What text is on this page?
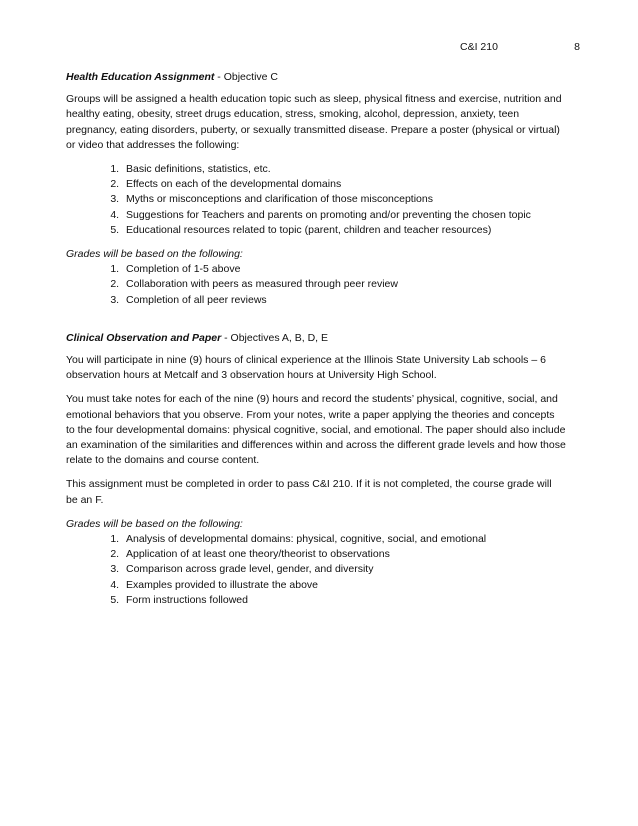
C&I 210	8
Health Education Assignment - Objective C

Groups will be assigned a health education topic such as sleep, physical fitness and exercise, nutrition and healthy eating, obesity, street drugs education, stress, smoking, alcohol, depression, anxiety, teen pregnancy, eating disorders, puberty, or sexually transmitted disease. Prepare a poster (physical or virtual) or video that addresses the following:

1. Basic definitions, statistics, etc.
2. Effects on each of the developmental domains
3. Myths or misconceptions and clarification of those misconceptions
4. Suggestions for Teachers and parents on promoting and/or preventing the chosen topic
5. Educational resources related to topic (parent, children and teacher resources)
Grades will be based on the following:
1. Completion of 1-5 above
2. Collaboration with peers as measured through peer review
3. Completion of all peer reviews
Clinical Observation and Paper - Objectives A, B, D, E

You will participate in nine (9) hours of clinical experience at the Illinois State University Lab schools – 6 observation hours at Metcalf and 3 observation hours at University High School.

You must take notes for each of the nine (9) hours and record the students’ physical, cognitive, social, and emotional behaviors that you observe. From your notes, write a paper applying the theories and concepts to the four developmental domains: physical cognitive, social, and emotional. The paper should also include an examination of the similarities and differences within and across the different grade levels and how those relate to the domains and course content.

This assignment must be completed in order to pass C&I 210. If it is not completed, the course grade will be an F.

Grades will be based on the following:
1. Analysis of developmental domains: physical, cognitive, social, and emotional
2. Application of at least one theory/theorist to observations
3. Comparison across grade level, gender, and diversity
4. Examples provided to illustrate the above
5. Form instructions followed
